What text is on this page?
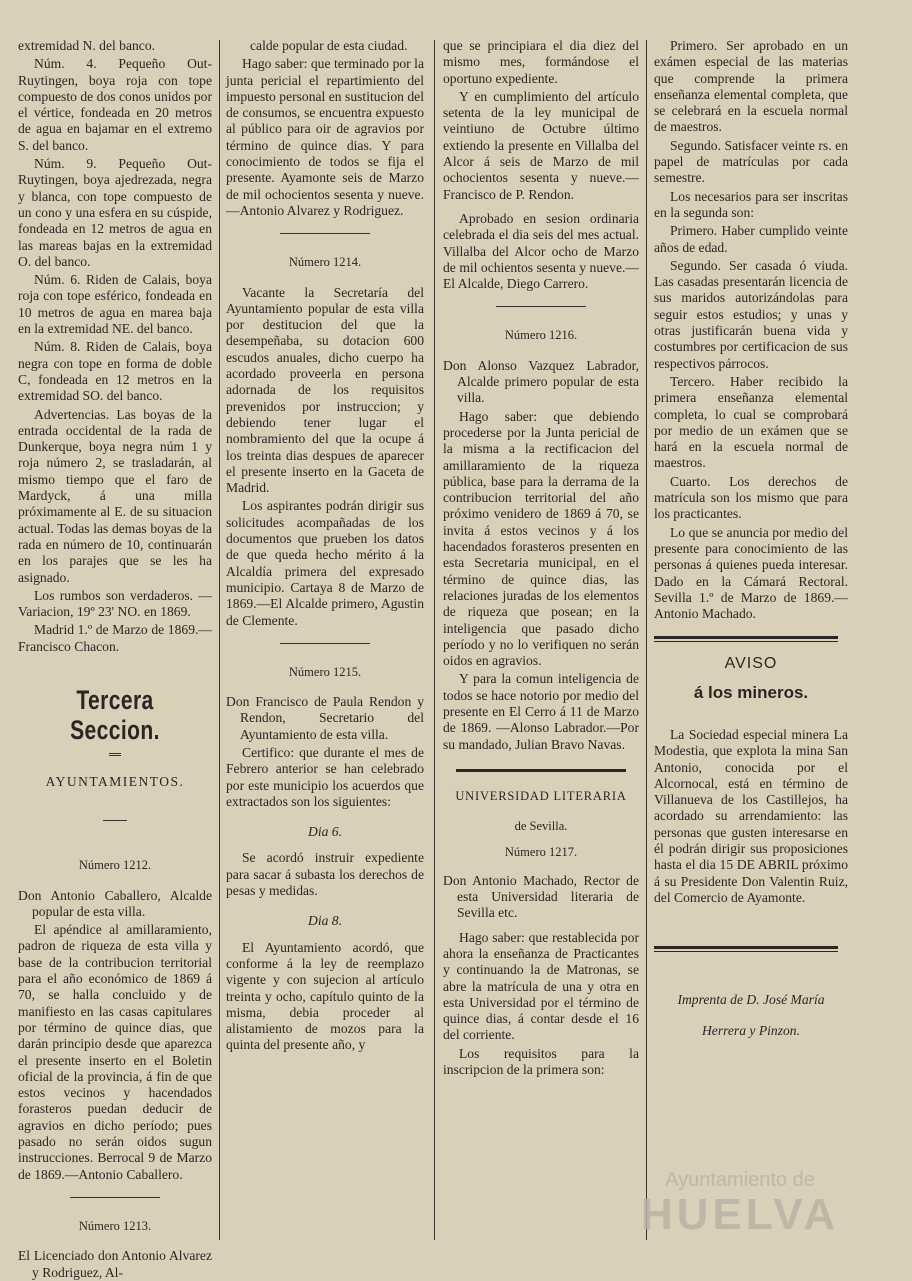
extremidad N. del banco.

Núm. 4. Pequeño Out-Ruytingen, boya roja con tope compuesto de dos conos unidos por el vértice, fondeada en 20 metros de agua en bajamar en el extremo S. del banco.

Núm. 9. Pequeño Out-Ruytingen, boya ajedrezada, negra y blanca, con tope compuesto de un cono y una esfera en su cúspide, fondeada en 12 metros de agua en las mareas bajas en la extremidad O. del banco.

Núm. 6. Riden de Calais, boya roja con tope esférico, fondeada en 10 metros de agua en marea baja en la extremidad NE. del banco.

Núm. 8. Riden de Calais, boya negra con tope en forma de doble C, fondeada en 12 metros en la extremidad SO. del banco.

Advertencias. Las boyas de la entrada occidental de la rada de Dunkerque, boya negra núm 1 y roja número 2, se trasladarán, al mismo tiempo que el faro de Mardyck, á una milla próximamente al E. de su situacion actual. Todas las demas boyas de la rada en número de 10, continuarán en los parajes que se les ha asignado.

Los rumbos son verdaderos. —Variacion, 19º 23' NO. en 1869.

Madrid 1.º de Marzo de 1869.—Francisco Chacon.

Tercera Seccion.
AYUNTAMIENTOS.
Número 1212.

Don Antonio Caballero, Alcalde popular de esta villa.

El apéndice al amillaramiento, padron de riqueza de esta villa y base de la contribucion territorial para el año económico de 1869 á 70, se halla concluido y de manifiesto en las casas capitulares por término de quince dias, que darán principio desde que aparezca el presente inserto en el Boletin oficial de la provincia, á fin de que estos vecinos y hacendados forasteros puedan deducir de agravios en dicho período; pues pasado no serán oidos sugun instrucciones. Berrocal 9 de Marzo de 1869.—Antonio Caballero.

Número 1213.

El Licenciado don Antonio Alvarez y Rodriguez, Al-

calde popular de esta ciudad.

Hago saber: que terminado por la junta pericial el repartimiento del impuesto personal en sustitucion del de consumos, se encuentra expuesto al público para oir de agravios por término de quince dias. Y para conocimiento de todos se fija el presente. Ayamonte seis de Marzo de mil ochocientos sesenta y nueve.—Antonio Alvarez y Rodriguez.

Número 1214.

Vacante la Secretaría del Ayuntamiento popular de esta villa por destitucion del que la desempeñaba, su dotacion 600 escudos anuales, dicho cuerpo ha acordado proveerla en persona adornada de los requisitos prevenidos por instruccion; y debiendo tener lugar el nombramiento del que la ocupe á los treinta dias despues de aparecer el presente inserto en la Gaceta de Madrid.

Los aspirantes podrán dirigir sus solicitudes acompañadas de los documentos que prueben los datos de que queda hecho mérito á la Alcaldía primera del expresado municipio. Cartaya 8 de Marzo de 1869.—El Alcalde primero, Agustin de Clemente.

Número 1215.

Don Francisco de Paula Rendon y Rendon, Secretario del Ayuntamiento de esta villa.

Certifico: que durante el mes de Febrero anterior se han celebrado por este municipio los acuerdos que extractados son los siguientes:

Dia 6.

Se acordó instruir expediente para sacar á subasta los derechos de pesas y medidas.

Dia 8.

El Ayuntamiento acordó, que conforme á la ley de reemplazo vigente y con sujecion al artículo treinta y ocho, capítulo quinto de la misma, debia proceder al alistamiento de mozos para la quinta del presente año, y

que se principiara el dia diez del mismo mes, formándose el oportuno expediente.

Y en cumplimiento del artículo setenta de la ley municipal de veintiuno de Octubre último extiendo la presente en Villalba del Alcor á seis de Marzo de mil ochocientos sesenta y nueve.—Francisco de P. Rendon.

Aprobado en sesion ordinaria celebrada el dia seis del mes actual. Villalba del Alcor ocho de Marzo de mil ochientos sesenta y nueve.—El Alcalde, Diego Carrero.

Número 1216.

Don Alonso Vazquez Labrador, Alcalde primero popular de esta villa.

Hago saber: que debiendo procederse por la Junta pericial de la misma a la rectificacion del amillaramiento de la riqueza pública, base para la derrama de la contribucion territorial del año próximo venidero de 1869 á 70, se invita á estos vecinos y á los hacendados forasteros presenten en esta Secretaria municipal, en el término de quince dias, las relaciones juradas de los elementos de riqueza que posean; en la inteligencia que pasado dicho período y no lo verifiquen no serán oidos en agravios.

Y para la comun inteligencia de todos se hace notorio por medio del presente en El Cerro á 11 de Marzo de 1869. —Alonso Labrador.—Por su mandado, Julian Bravo Navas.

UNIVERSIDAD LITERARIA
de Sevilla.
Número 1217.

Don Antonio Machado, Rector de esta Universidad literaria de Sevilla etc.

Hago saber: que restablecida por ahora la enseñanza de Practicantes y continuando la de Matronas, se abre la matrícula de una y otra en esta Universidad por el término de quince dias, á contar desde el 16 del corriente.

Los requisitos para la inscripcion de la primera son:

Primero. Ser aprobado en un exámen especial de las materias que comprende la primera enseñanza elemental completa, que se celebrará en la escuela normal de maestros.

Segundo. Satisfacer veinte rs. en papel de matrículas por cada semestre.

Los necesarios para ser inscritas en la segunda son:

Primero. Haber cumplido veinte años de edad.

Segundo. Ser casada ó viuda. Las casadas presentarán licencia de sus maridos autorizándolas para seguir estos estudios; y unas y otras justificarán buena vida y costumbres por certificacion de sus respectivos párrocos.

Tercero. Haber recibido la primera enseñanza elemental completa, lo cual se comprobará por medio de un exámen que se hará en la escuela normal de maestros.

Cuarto. Los derechos de matrícula son los mismo que para los practicantes.

Lo que se anuncia por medio del presente para conocimiento de las personas á quienes pueda interesar. Dado en la Cámará Rectoral. Sevilla 1.º de Marzo de 1869.—Antonio Machado.

AVISO
á los mineros.

La Sociedad especial minera La Modestia, que explota la mina San Antonio, conocida por el Alcornocal, está en término de Villanueva de los Castillejos, ha acordado su arrendamiento: las personas que gusten interesarse en él podrán dirigir sus proposiciones hasta el dia 15 DE ABRIL próximo á su Presidente Don Valentin Ruiz, del Comercio de Ayamonte.

Imprenta de D. José María
Herrera y Pinzon.
Ayuntamiento de
HUELVA
